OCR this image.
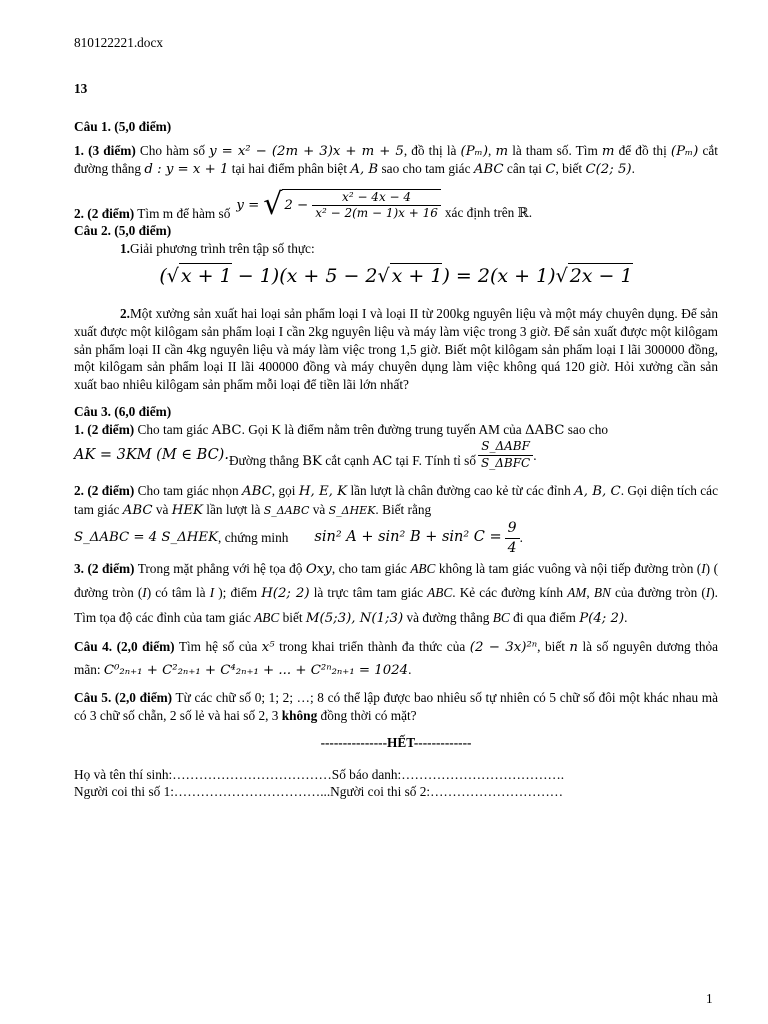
810122221.docx
13

Câu 1. (5,0 điểm)

1. (3 điểm) Cho hàm số y = x² − (2m + 3)x + m + 5, đồ thị là (Pₘ), m là tham số. Tìm m để đồ thị (Pₘ) cắt đường thẳng d : y = x + 1 tại hai điểm phân biệt A, B sao cho tam giác ABC cân tại C, biết C(2; 5).

2. (2 điểm) Tìm m để hàm số
y = √ $2 - \frac{\text{x² − 4x − 4}}{\text{x² − 2(m − 1)x + 16}}$ xác định trên ℝ.

Câu 2. (5,0 điểm)

1.Giải phương trình trên tập số thực:

(√ x + 1 − 1)(x + 5 − 2√ x + 1) = 2(x + 1)√ 2x − 1

2.Một xưởng sản xuất hai loại sản phẩm loại I và loại II từ 200kg nguyên liệu và một máy chuyên dụng. Để sản xuất được một kilôgam sản phẩm loại I cần 2kg nguyên liệu và máy làm việc trong 3 giờ. Để sản xuất được một kilôgam sản phẩm loại II cần 4kg nguyên liệu và máy làm việc trong 1,5 giờ. Biết một kilôgam sản phẩm loại I lãi 300000 đồng, một kilôgam sản phẩm loại II lãi 400000 đồng và máy chuyên dụng làm việc không quá 120 giờ. Hỏi xưởng cần sản xuất bao nhiêu kilôgam sản phẩm mỗi loại để tiền lãi lớn nhất?

Câu 3. (6,0 điểm)

1. (2 điểm) Cho tam giác ABC. Gọi K là điểm nằm trên đường trung tuyến AM của ΔABC sao cho

AK = 3KM (M ∈ BC). Đường thẳng BK cắt cạnh AC tại F. Tính tỉ số $\frac{\text{S\_ΔABF}}{\text{S\_ΔBFC}}$ .

2. (2 điểm) Cho tam giác nhọn ABC, gọi H, E, K lần lượt là chân đường cao kẻ từ các đỉnh A, B, C. Gọi diện tích các tam giác ABC và HEK lần lượt là S_ΔABC và S_ΔHEK. Biết rằng

S_ΔABC = 4 S_ΔHEK , chứng minh sin² A + sin² B + sin² $C = \frac{9}{4}$ .

3. (2 điểm) Trong mặt phẳng với hệ tọa độ Oxy, cho tam giác ABC không là tam giác vuông và nội tiếp đường tròn (I) ( đường tròn (I) có tâm là I ); điểm H(2; 2) là trực tâm tam giác ABC. Kẻ các đường kính AM, BN của đường tròn (I). Tìm tọa độ các đỉnh của tam giác ABC biết M(5;3), N(1;3) và đường thẳng BC đi qua điểm P(4; 2).

Câu 4. (2,0 điểm) Tìm hệ số của x⁵ trong khai triển thành đa thức của (2 − 3x)²ⁿ, biết n là số nguyên dương thỏa mãn: C⁰₂ₙ₊₁ + C²₂ₙ₊₁ + C⁴₂ₙ₊₁ + ... + C²ⁿ₂ₙ₊₁ = 1024.

Câu 5. (2,0 điểm) Từ các chữ số 0; 1; 2; …; 8 có thể lập được bao nhiêu số tự nhiên có 5 chữ số đôi một khác nhau mà có 3 chữ số chẵn, 2 số lẻ và hai số 2, 3 không đồng thời có mặt?

---------------HẾT-------------

Họ và tên thí sinh:………………………………Số báo danh:……………………………….

Người coi thi số 1:……………………………...Người coi thi số 2:…………………………

1
